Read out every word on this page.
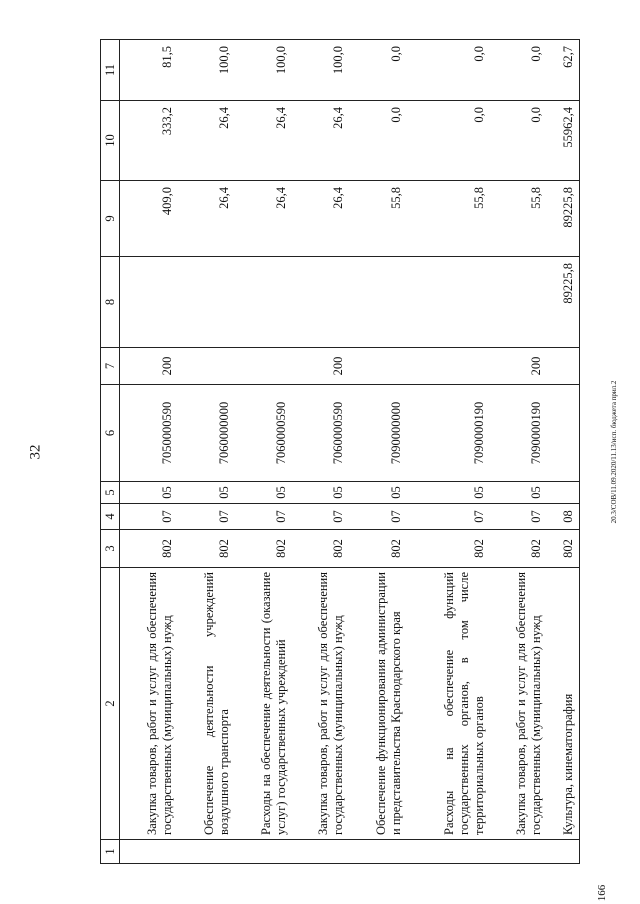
32	20.3/СОВ/11.09.2020/11.13/исп. бюджета прил.2
166
1	2	3	4	5	6	7	8	9	10	11
	Закупка товаров, работ и услуг для обеспечения государственных (муниципальных) нужд	802	07	05	7050000590	200		409,0	333,2	81,5
	Обеспечение деятельности учреждений воздушного транспорта	802	07	05	7060000000			26,4	26,4	100,0
	Расходы на обеспечение деятельности (оказание услуг) государственных учреждений	802	07	05	7060000590			26,4	26,4	100,0
	Закупка товаров, работ и услуг для обеспечения государственных (муниципальных) нужд	802	07	05	7060000590	200		26,4	26,4	100,0
	Обеспечение функционирования администрации и представительства Краснодарского края	802	07	05	7090000000			55,8	0,0	0,0
	Расходы на обеспечение функций государственных органов, в том числе территориальных органов	802	07	05	7090000190			55,8	0,0	0,0
	Закупка товаров, работ и услуг для обеспечения государственных (муниципальных) нужд	802	07	05	7090000190	200		55,8	0,0	0,0
	Культура, кинематография	802	08				89225,8	89225,8	55962,4	62,7
